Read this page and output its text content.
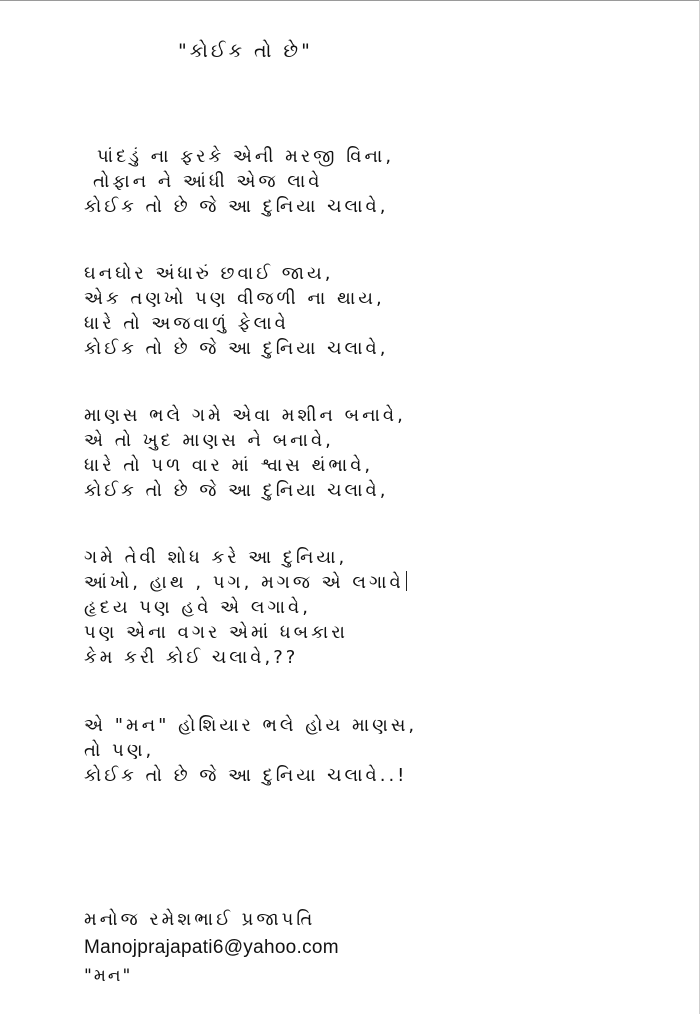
"કોઈક તો છે"
પાંદડું ના ફરકે એની મરજી વિના,
તોફાન ને આંધી એજ લાવે
કોઈક તો છે જે આ દુનિયા ચલાવે,
ઘનઘોર અંધારું છવાઈ જાય,
એક તણખો પણ વીજળી ના થાય,
ધારે તો અજવાળું ફેલાવે
કોઈક તો છે જે આ દુનિયા ચલાવે,
માણસ ભલે ગમે એવા મશીન બનાવે,
એ તો ખુદ માણસ ને બનાવે,
ધારે તો પળ વાર માં શ્વાસ થંભાવે,
કોઈક તો છે જે આ દુનિયા ચલાવે,
ગમે તેવી શોધ કરે આ દુનિયા,
આંખો, હાથ , પગ, મગજ એ લગાવે
હૃદય પણ હવે એ લગાવે,
પણ એના વગર એમાં ધબકારા
કેમ કરી કોઈ ચલાવે,??
એ "મન" હોશિયાર ભલે હોય માણસ,
તો પણ,
કોઈક તો છે જે આ દુનિયા ચલાવે..!
મનોજ રમેશભાઈ પ્રજાપતિ
Manojprajapati6@yahoo.com
"મન"
